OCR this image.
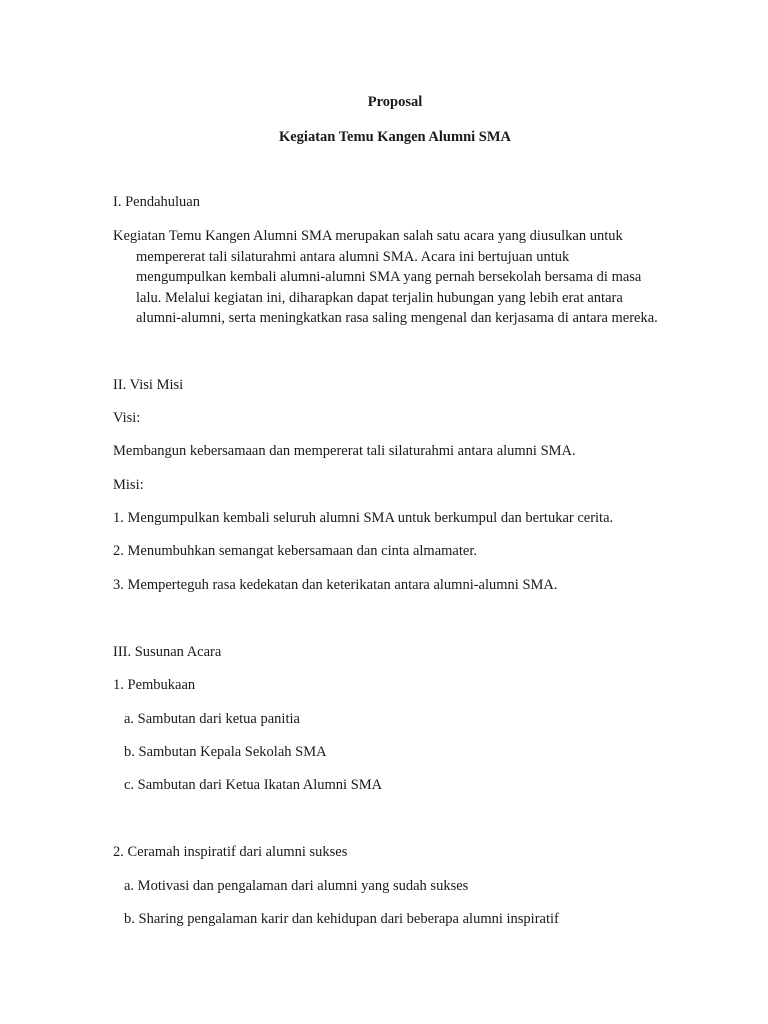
Proposal

Kegiatan Temu Kangen Alumni SMA

I. Pendahuluan

Kegiatan Temu Kangen Alumni SMA merupakan salah satu acara yang diusulkan untuk
mempererat tali silaturahmi antara alumni SMA. Acara ini bertujuan untuk
mengumpulkan kembali alumni-alumni SMA yang pernah bersekolah bersama di masa
lalu. Melalui kegiatan ini, diharapkan dapat terjalin hubungan yang lebih erat antara
alumni-alumni, serta meningkatkan rasa saling mengenal dan kerjasama di antara mereka.

II. Visi Misi

Visi:

Membangun kebersamaan dan mempererat tali silaturahmi antara alumni SMA.

Misi:

1. Mengumpulkan kembali seluruh alumni SMA untuk berkumpul dan bertukar cerita.

2. Menumbuhkan semangat kebersamaan dan cinta almamater.

3. Memperteguh rasa kedekatan dan keterikatan antara alumni-alumni SMA.

III. Susunan Acara

1. Pembukaan

a. Sambutan dari ketua panitia

b. Sambutan Kepala Sekolah SMA

c. Sambutan dari Ketua Ikatan Alumni SMA

2. Ceramah inspiratif dari alumni sukses

a. Motivasi dan pengalaman dari alumni yang sudah sukses

b. Sharing pengalaman karir dan kehidupan dari beberapa alumni inspiratif
